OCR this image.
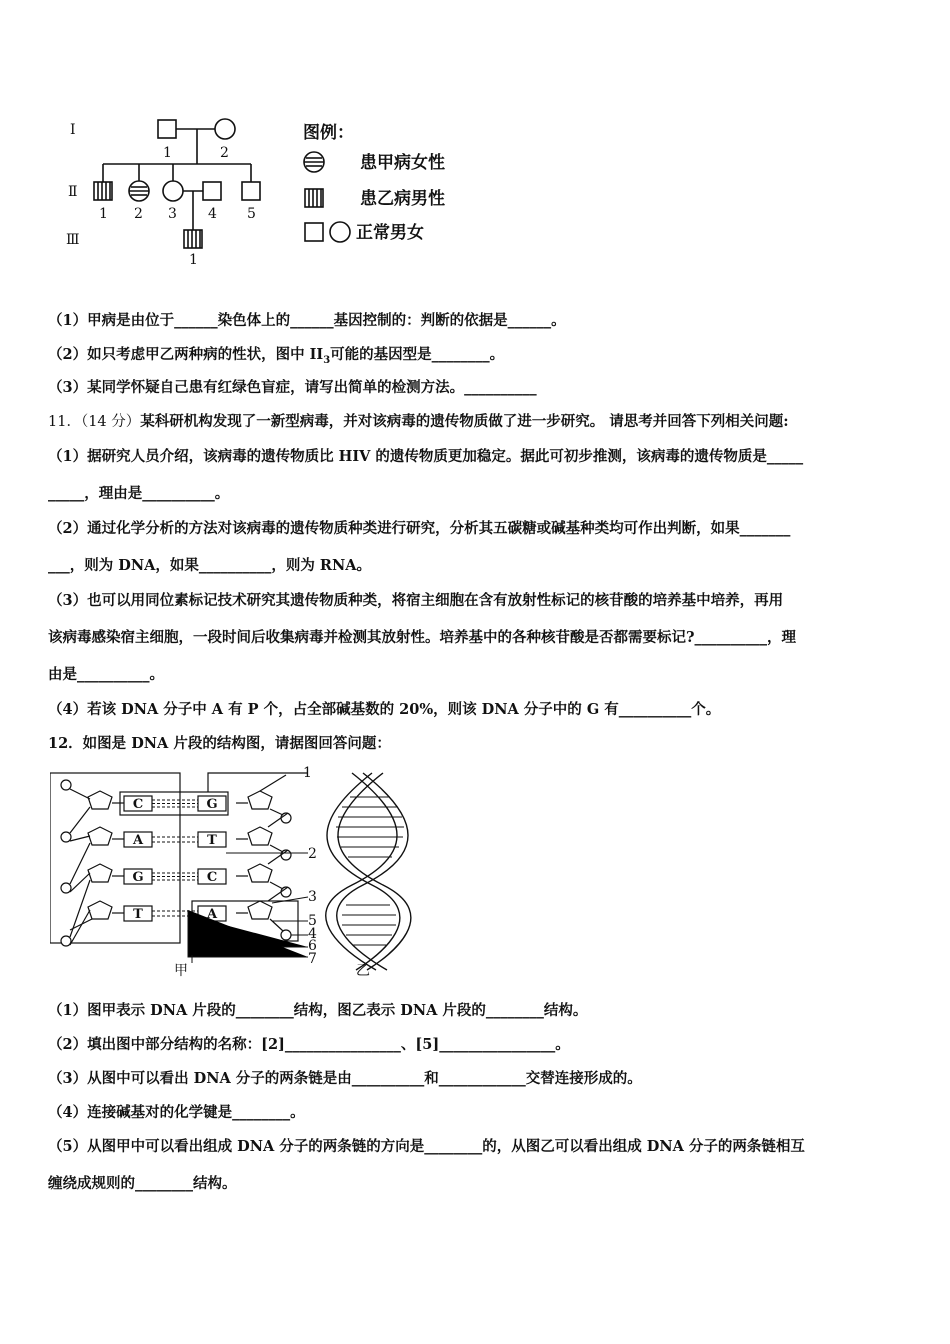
Ⅰ
Ⅱ
Ⅲ
1	2
1 2 3 4 5
1
图例：
患甲病女性
患乙病男性
正常男女
（1）甲病是由位于______染色体上的______基因控制的：判断的依据是______。
（2）如只考虑甲乙两种病的性状，图中 $II_3$可能的基因型是________。
（3）某同学怀疑自己患有红绿色盲症，请写出简单的检测方法。__________
11．（14 分）某科研机构发现了一新型病毒，并对该病毒的遗传物质做了进一步研究。 请思考并回答下列相关问题:
（1）据研究人员介绍，该病毒的遗传物质比 HIV 的遗传物质更加稳定。据此可初步推测，该病毒的遗传物质是_____
_____，理由是__________。
（2）通过化学分析的方法对该病毒的遗传物质种类进行研究，分析其五碳糖或碱基种类均可作出判断，如果_______
___，则为 DNA，如果__________，则为 RNA。
（3）也可以用同位素标记技术研究其遗传物质种类，将宿主细胞在含有放射性标记的核苷酸的培养基中培养，再用
该病毒感染宿主细胞，一段时间后收集病毒并检测其放射性。培养基中的各种核苷酸是否都需要标记?__________，理
由是__________。
（4）若该 DNA 分子中 A 有 P 个，占全部碱基数的 20%，则该 DNA 分子中的 G 有__________个。
12．如图是 DNA 片段的结构图，请据图回答问题：
C
A
G
T
G
T
C
A
1
2
3
5
4
6
7
甲	乙
（1）图甲表示 DNA 片段的________结构，图乙表示 DNA 片段的________结构。
（2）填出图中部分结构的名称：[2]________________、[5]________________。
（3）从图中可以看出 DNA 分子的两条链是由__________和____________交替连接形成的。
（4）连接碱基对的化学键是________。
（5）从图甲中可以看出组成 DNA 分子的两条链的方向是________的，从图乙可以看出组成 DNA 分子的两条链相互
缠绕成规则的________结构。
